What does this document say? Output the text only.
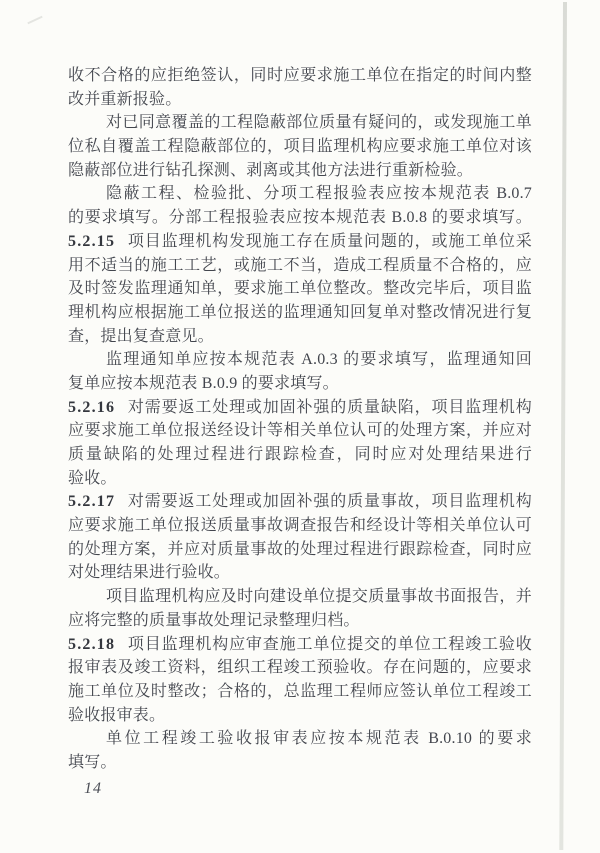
收不合格的应拒绝签认，同时应要求施工单位在指定的时间内整
改并重新报验。
对已同意覆盖的工程隐蔽部位质量有疑问的，或发现施工单
位私自覆盖工程隐蔽部位的，项目监理机构应要求施工单位对该
隐蔽部位进行钻孔探测、剥离或其他方法进行重新检验。
隐蔽工程、检验批、分项工程报验表应按本规范表 B.0.7
的要求填写。分部工程报验表应按本规范表 B.0.8 的要求填写。
5.2.15 项目监理机构发现施工存在质量问题的，或施工单位采
用不适当的施工工艺，或施工不当，造成工程质量不合格的，应
及时签发监理通知单，要求施工单位整改。整改完毕后，项目监
理机构应根据施工单位报送的监理通知回复单对整改情况进行复
查，提出复查意见。
监理通知单应按本规范表 A.0.3 的要求填写，监理通知回
复单应按本规范表 B.0.9 的要求填写。
5.2.16 对需要返工处理或加固补强的质量缺陷，项目监理机构
应要求施工单位报送经设计等相关单位认可的处理方案，并应对
质量缺陷的处理过程进行跟踪检查，同时应对处理结果进行
验收。
5.2.17 对需要返工处理或加固补强的质量事故，项目监理机构
应要求施工单位报送质量事故调查报告和经设计等相关单位认可
的处理方案，并应对质量事故的处理过程进行跟踪检查，同时应
对处理结果进行验收。
项目监理机构应及时向建设单位提交质量事故书面报告，并
应将完整的质量事故处理记录整理归档。
5.2.18 项目监理机构应审查施工单位提交的单位工程竣工验收
报审表及竣工资料，组织工程竣工预验收。存在问题的，应要求
施工单位及时整改；合格的，总监理工程师应签认单位工程竣工
验收报审表。
单位工程竣工验收报审表应按本规范表 B.0.10 的要求
填写。
14
